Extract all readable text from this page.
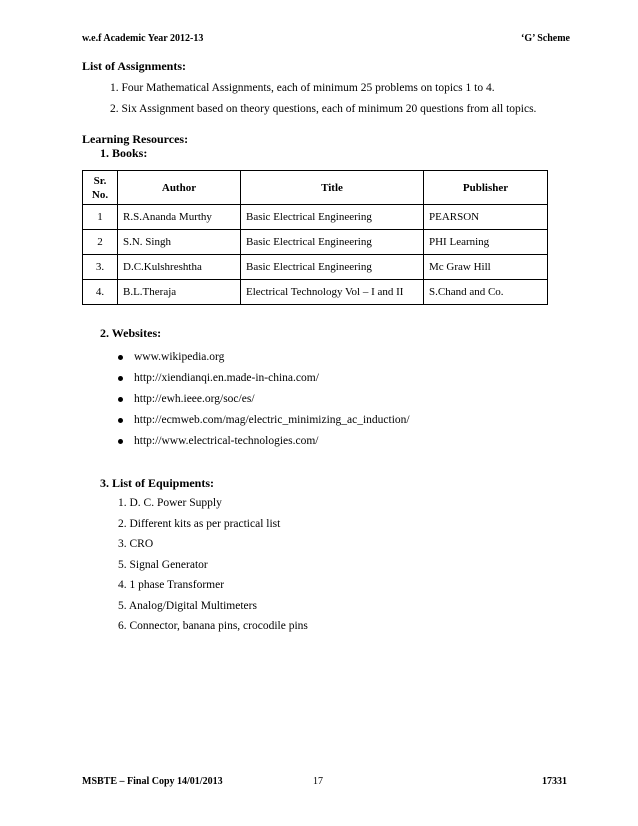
w.e.f Academic Year 2012-13	‘G’ Scheme
List of Assignments:
1. Four Mathematical Assignments, each of minimum 25 problems on topics 1 to 4.
2. Six Assignment based on theory questions, each of minimum 20 questions from all topics.
Learning Resources:
1. Books:
Sr.
No.	Author	Title	Publisher
1	R.S.Ananda Murthy	Basic Electrical Engineering	PEARSON
2	S.N. Singh	Basic Electrical Engineering	PHI Learning
3.	D.C.Kulshreshtha	Basic Electrical Engineering	Mc Graw Hill
4.	B.L.Theraja	Electrical Technology Vol – I and II	S.Chand and Co.
2. Websites:
www.wikipedia.org
http://xiendianqi.en.made-in-china.com/
http://ewh.ieee.org/soc/es/
http://ecmweb.com/mag/electric_minimizing_ac_induction/
http://www.electrical-technologies.com/
3. List of Equipments:
1. D. C. Power Supply
2. Different kits as per practical list
3. CRO
5. Signal Generator
4. 1 phase Transformer
5. Analog/Digital Multimeters
6. Connector, banana pins, crocodile pins
MSBTE – Final Copy 14/01/2013	17	17331
